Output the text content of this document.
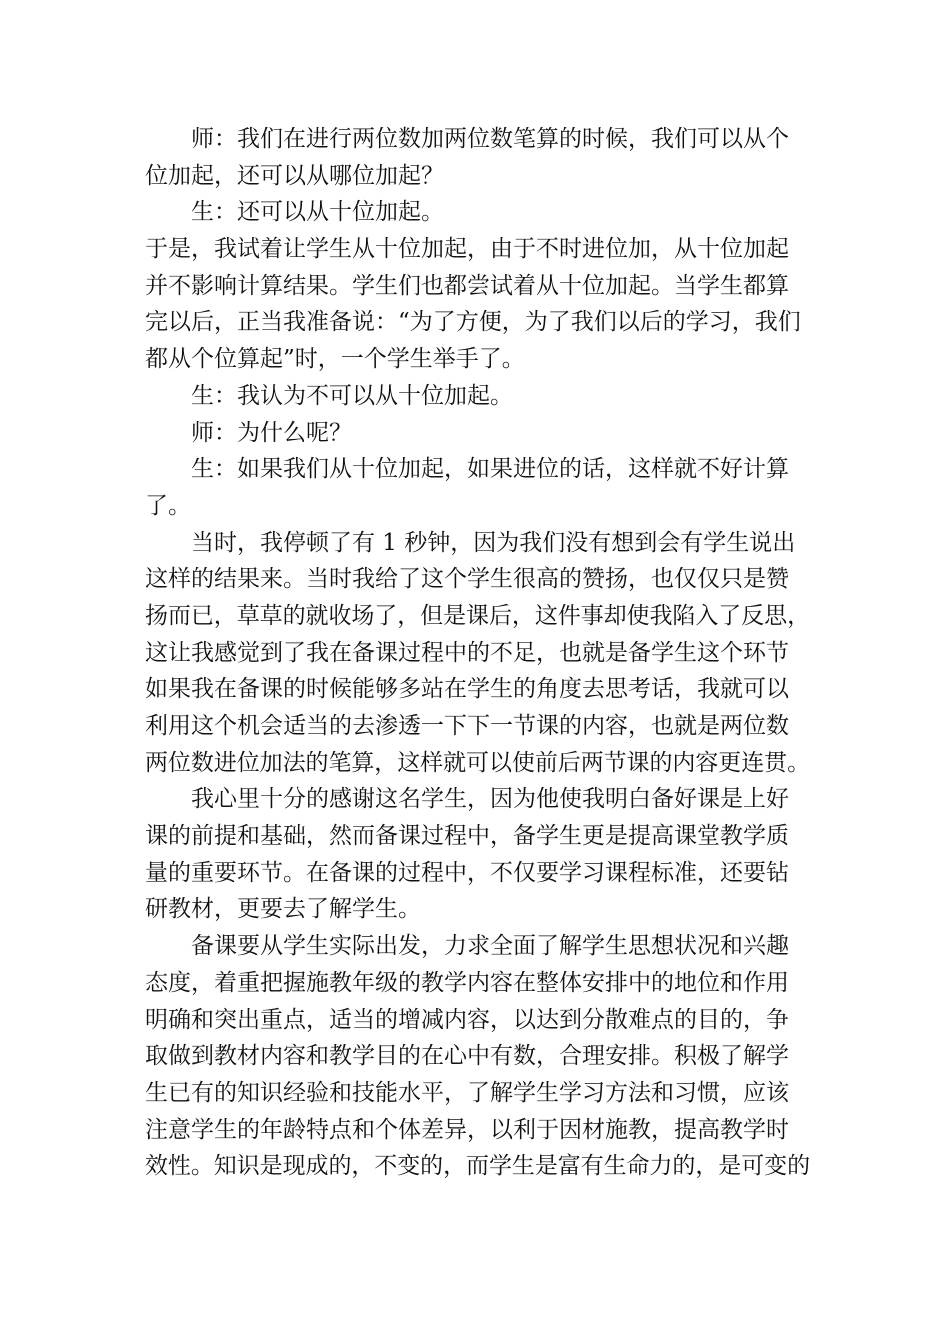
师：我们在进行两位数加两位数笔算的时候，我们可以从个
位加起，还可以从哪位加起？
生：还可以从十位加起。
于是，我试着让学生从十位加起，由于不时进位加，从十位加起
并不影响计算结果。学生们也都尝试着从十位加起。当学生都算
完以后，正当我准备说：“为了方便，为了我们以后的学习，我们
都从个位算起”时，一个学生举手了。
生：我认为不可以从十位加起。
师：为什么呢？
生：如果我们从十位加起，如果进位的话，这样就不好计算
了。
当时，我停顿了有 1 秒钟，因为我们没有想到会有学生说出
这样的结果来。当时我给了这个学生很高的赞扬，也仅仅只是赞
扬而已，草草的就收场了，但是课后，这件事却使我陷入了反思，
这让我感觉到了我在备课过程中的不足，也就是备学生这个环节
如果我在备课的时候能够多站在学生的角度去思考话，我就可以
利用这个机会适当的去渗透一下下一节课的内容，也就是两位数
两位数进位加法的笔算，这样就可以使前后两节课的内容更连贯。
我心里十分的感谢这名学生，因为他使我明白备好课是上好
课的前提和基础，然而备课过程中，备学生更是提高课堂教学质
量的重要环节。在备课的过程中，不仅要学习课程标准，还要钻
研教材，更要去了解学生。
备课要从学生实际出发，力求全面了解学生思想状况和兴趣
态度，着重把握施教年级的教学内容在整体安排中的地位和作用
明确和突出重点，适当的增减内容，以达到分散难点的目的，争
取做到教材内容和教学目的在心中有数，合理安排。积极了解学
生已有的知识经验和技能水平，了解学生学习方法和习惯，应该
注意学生的年龄特点和个体差异，以利于因材施教，提高教学时
效性。知识是现成的，不变的，而学生是富有生命力的，是可变的
